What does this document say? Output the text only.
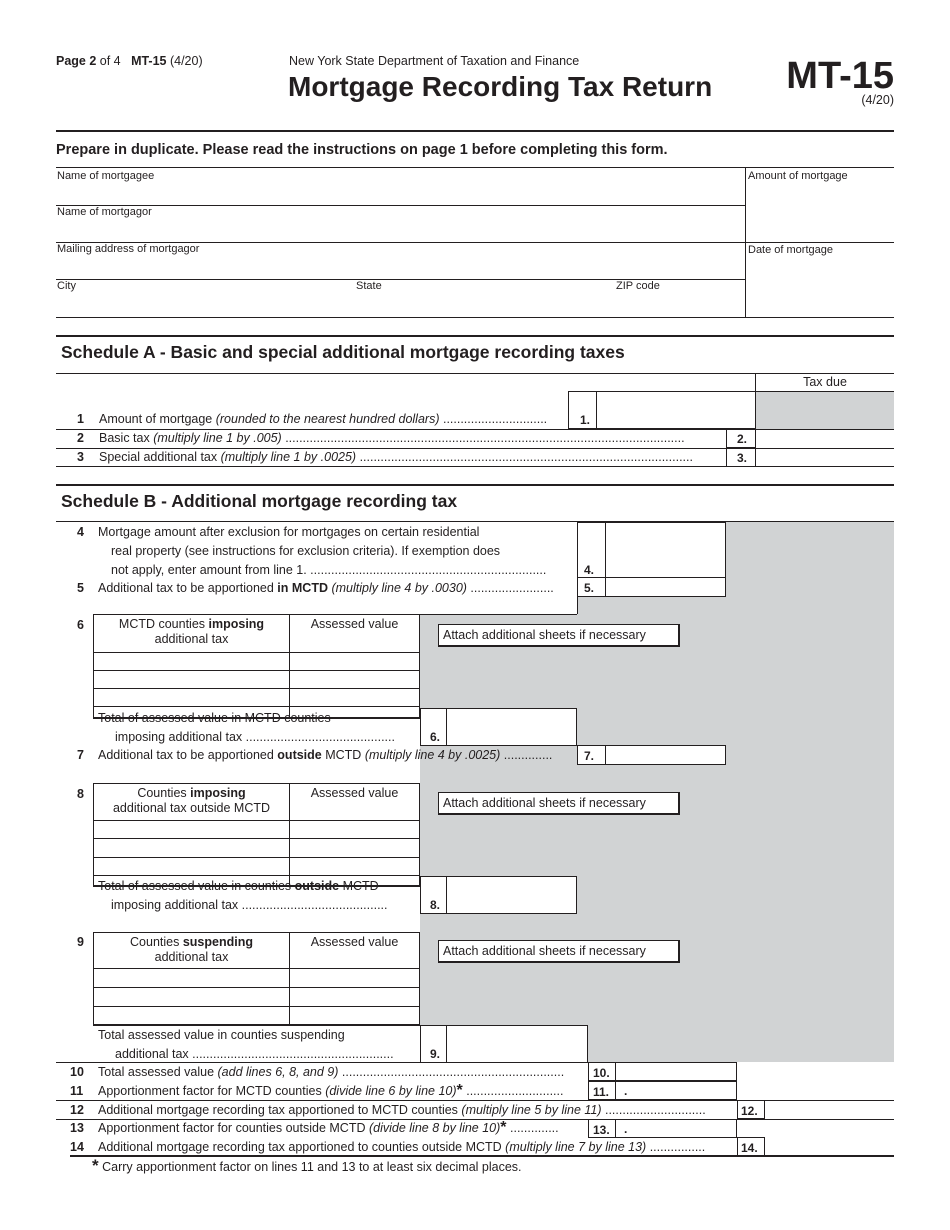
Page 2 of 4 MT-15 (4/20)	New York State Department of Taxation and Finance
Mortgage Recording Tax Return MT-15
(4/20)
Prepare in duplicate. Please read the instructions on page 1 before completing this form.
Name of mortgagee
Name of mortgagor
Mailing address of mortgagor
City	State	ZIP code
Amount of mortgage
Date of mortgage
Schedule A - Basic and special additional mortgage recording taxes
Tax due
1 Amount of mortgage (rounded to the nearest hundred dollars) ..............................	1.
2 Basic tax (multiply line 1 by .005) ...................................................................................................................	2.
3 Special additional tax (multiply line 1 by .0025) ................................................................................................	3.
Schedule B - Additional mortgage recording tax
4 Mortgage amount after exclusion for mortgages on certain residential
real property (see instructions for exclusion criteria). If exemption does
not apply, enter amount from line 1. ....................................................................	4.
5 Additional tax to be apportioned in MCTD (multiply line 4 by .0030) ........................	5.
6	MCTD counties imposing
additional tax
Assessed value
Attach additional sheets if necessary
Total of assessed value in MCTD counties
imposing additional tax ...........................................	6.
7 Additional tax to be apportioned outside MCTD (multiply line 4 by .0025) ..............	7.
8	Counties imposing
additional tax outside MCTD
Assessed value
Attach additional sheets if necessary
Total of assessed value in counties outside MCTD
imposing additional tax ..........................................	8.
9	Counties suspending
additional tax
Assessed value
Attach additional sheets if necessary
Total assessed value in counties suspending
additional tax ..........................................................	9.
10 Total assessed value (add lines 6, 8, and 9) ................................................................ 10.
11 Apportionment factor for MCTD counties (divide line 6 by line 10)* ............................ 11. .
12 Additional mortgage recording tax apportioned to MCTD counties (multiply line 5 by line 11) .............................	12.
13 Apportionment factor for counties outside MCTD (divide line 8 by line 10)* ..............	13. .
14 Additional mortgage recording tax apportioned to counties outside MCTD (multiply line 7 by line 13) ................	14.
* Carry apportionment factor on lines 11 and 13 to at least six decimal places.
